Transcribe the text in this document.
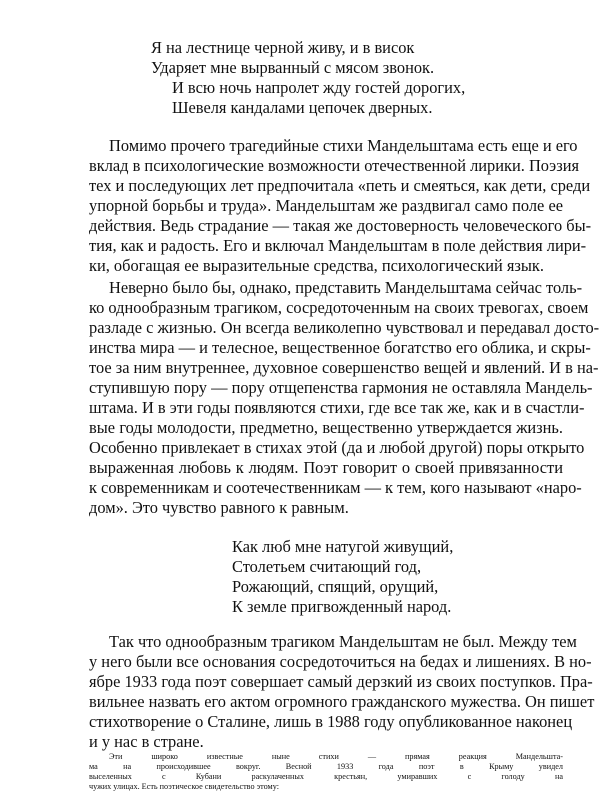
Я на лестнице черной живу, и в висок
Ударяет мне вырванный с мясом звонок.
И всю ночь напролет жду гостей дорогих,
Шевеля кандалами цепочек дверных.
Помимо прочего трагедийные стихи Мандельштама есть еще и его
вклад в психологические возможности отечественной лирики. Поэзия
тех и последующих лет предпочитала «петь и смеяться, как дети, среди
упорной борьбы и труда». Мандельштам же раздвигал само поле ее
действия. Ведь страдание — такая же достоверность человеческого бы-
тия, как и радость. Его и включал Мандельштам в поле действия лири-
ки, обогащая ее выразительные средства, психологический язык.
Неверно было бы, однако, представить Мандельштама сейчас толь-
ко однообразным трагиком, сосредоточенным на своих тревогах, своем
разладе с жизнью. Он всегда великолепно чувствовал и передавал досто-
инства мира — и телесное, вещественное богатство его облика, и скры-
тое за ним внутреннее, духовное совершенство вещей и явлений. И в на-
ступившую пору — пору отщепенства гармония не оставляла Мандель-
штама. И в эти годы появляются стихи, где все так же, как и в счастли-
вые годы молодости, предметно, вещественно утверждается жизнь.
Особенно привлекает в стихах этой (да и любой другой) поры открыто
выраженная любовь к людям. Поэт говорит о своей привязанности
к современникам и соотечественникам — к тем, кого называют «наро-
дом». Это чувство равного к равным.
Как люб мне натугой живущий,
Столетьем считающий год,
Рожающий, спящий, орущий,
К земле пригвожденный народ.
Так что однообразным трагиком Мандельштам не был. Между тем
у него были все основания сосредоточиться на бедах и лишениях. В но-
ябре 1933 года поэт совершает самый дерзкий из своих поступков. Пра-
вильнее назвать его актом огромного гражданского мужества. Он пишет
стихотворение о Сталине, лишь в 1988 году опубликованное наконец
и у нас в стране.
Эти широко известные ныне стихи — прямая реакция Мандельшта-
ма на происходившее вокруг. Весной 1933 года поэт в Крыму увидел
выселенных с Кубани раскулаченных крестьян, умиравших с голоду на
чужих улицах. Есть поэтическое свидетельство этому:
